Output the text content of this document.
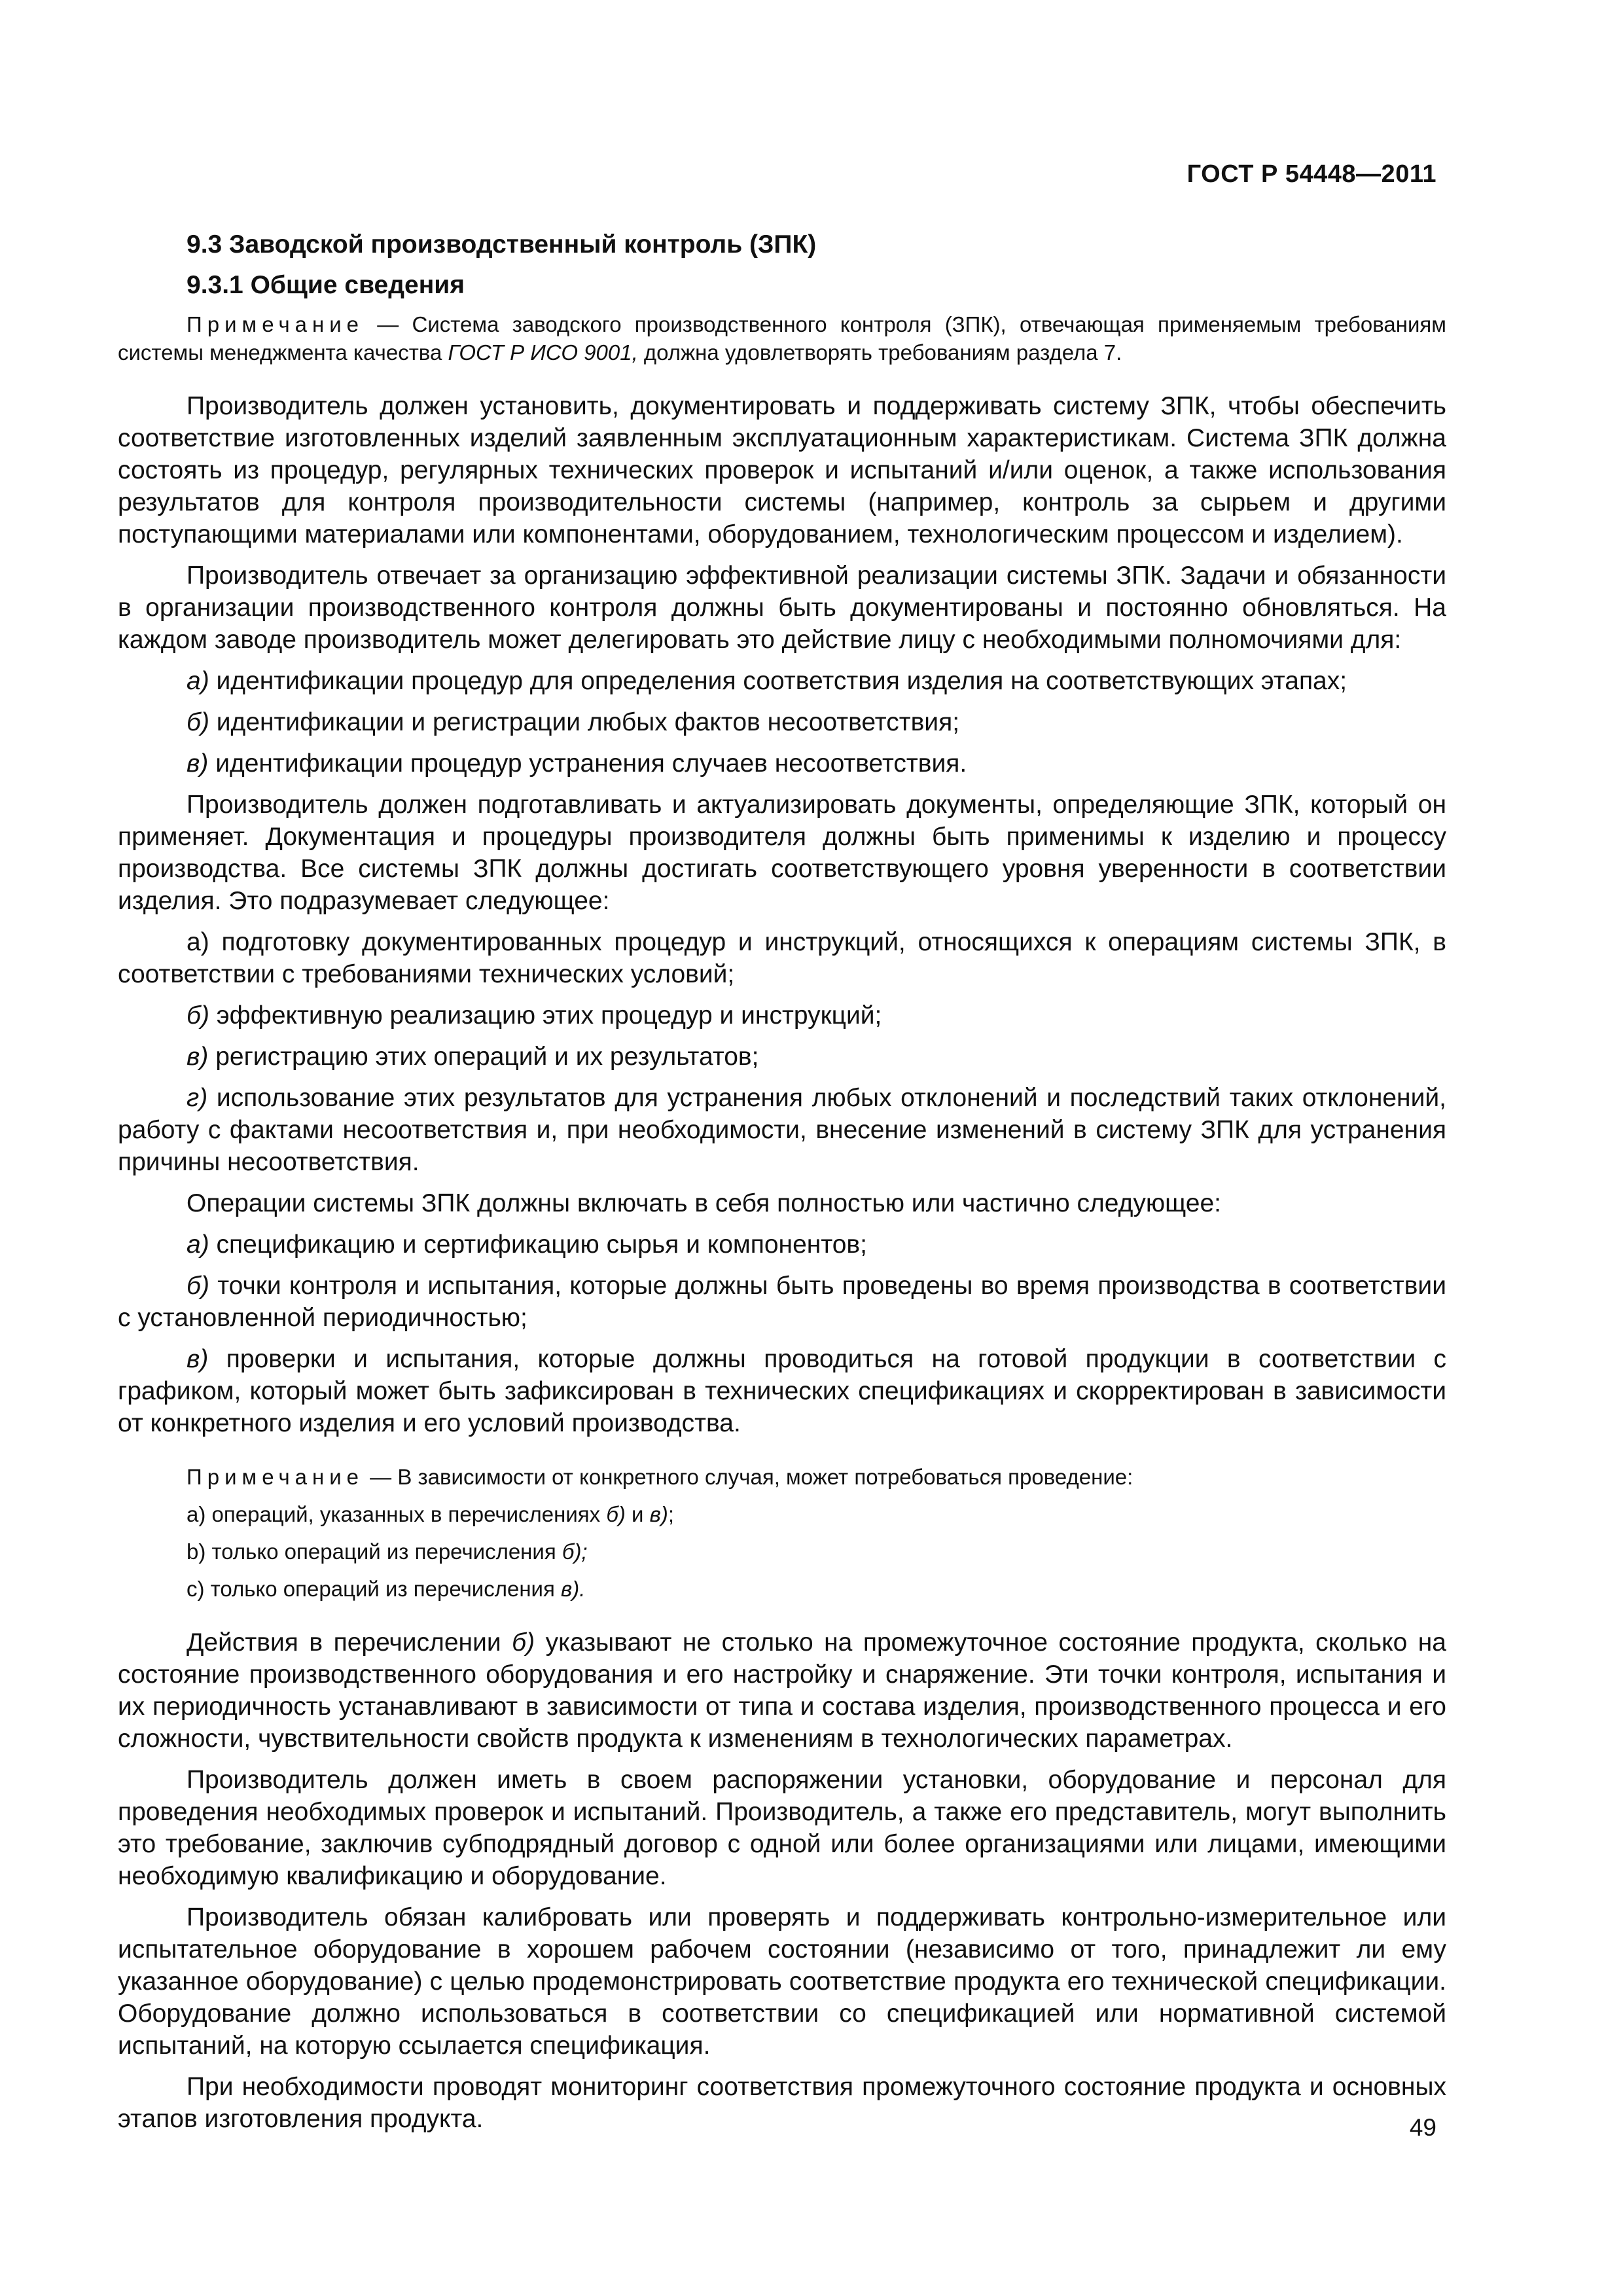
ГОСТ Р 54448—2011
9.3 Заводской производственный контроль (ЗПК)
9.3.1 Общие сведения

Примечание — Система заводского производственного контроля (ЗПК), отвечающая применяемым требованиям системы менеджмента качества ГОСТ Р ИСО 9001, должна удовлетворять требованиям раздела 7.

Производитель должен установить, документировать и поддерживать систему ЗПК, чтобы обеспечить соответствие изготовленных изделий заявленным эксплуатационным характеристикам. Система ЗПК должна состоять из процедур, регулярных технических проверок и испытаний и/или оценок, а также использования результатов для контроля производительности системы (например, контроль за сырьем и другими поступающими материалами или компонентами, оборудованием, технологическим процессом и изделием).

Производитель отвечает за организацию эффективной реализации системы ЗПК. Задачи и обязанности в организации производственного контроля должны быть документированы и постоянно обновляться. На каждом заводе производитель может делегировать это действие лицу с необходимыми полномочиями для:

а) идентификации процедур для определения соответствия изделия на соответствующих этапах;

б) идентификации и регистрации любых фактов несоответствия;

в) идентификации процедур устранения случаев несоответствия.

Производитель должен подготавливать и актуализировать документы, определяющие ЗПК, который он применяет. Документация и процедуры производителя должны быть применимы к изделию и процессу производства. Все системы ЗПК должны достигать соответствующего уровня уверенности в соответствии изделия. Это подразумевает следующее:

а) подготовку документированных процедур и инструкций, относящихся к операциям системы ЗПК, в соответствии с требованиями технических условий;

б) эффективную реализацию этих процедур и инструкций;

в) регистрацию этих операций и их результатов;

г) использование этих результатов для устранения любых отклонений и последствий таких отклонений, работу с фактами несоответствия и, при необходимости, внесение изменений в систему ЗПК для устранения причины несоответствия.

Операции системы ЗПК должны включать в себя полностью или частично следующее:

а) спецификацию и сертификацию сырья и компонентов;

б) точки контроля и испытания, которые должны быть проведены во время производства в соответствии с установленной периодичностью;

в) проверки и испытания, которые должны проводиться на готовой продукции в соответствии с графиком, который может быть зафиксирован в технических спецификациях и скорректирован в зависимости от конкретного изделия и его условий производства.

Примечание — В зависимости от конкретного случая, может потребоваться проведение:

а) операций, указанных в перечислениях б) и в);

b) только операций из перечисления б);

c) только операций из перечисления в).

Действия в перечислении б) указывают не столько на промежуточное состояние продукта, сколько на состояние производственного оборудования и его настройку и снаряжение. Эти точки контроля, испытания и их периодичность устанавливают в зависимости от типа и состава изделия, производственного процесса и его сложности, чувствительности свойств продукта к изменениям в технологических параметрах.

Производитель должен иметь в своем распоряжении установки, оборудование и персонал для проведения необходимых проверок и испытаний. Производитель, а также его представитель, могут выполнить это требование, заключив субподрядный договор с одной или более организациями или лицами, имеющими необходимую квалификацию и оборудование.

Производитель обязан калибровать или проверять и поддерживать контрольно-измерительное или испытательное оборудование в хорошем рабочем состоянии (независимо от того, принадлежит ли ему указанное оборудование) с целью продемонстрировать соответствие продукта его технической спецификации. Оборудование должно использоваться в соответствии со спецификацией или нормативной системой испытаний, на которую ссылается спецификация.

При необходимости проводят мониторинг соответствия промежуточного состояние продукта и основных этапов изготовления продукта.	49
